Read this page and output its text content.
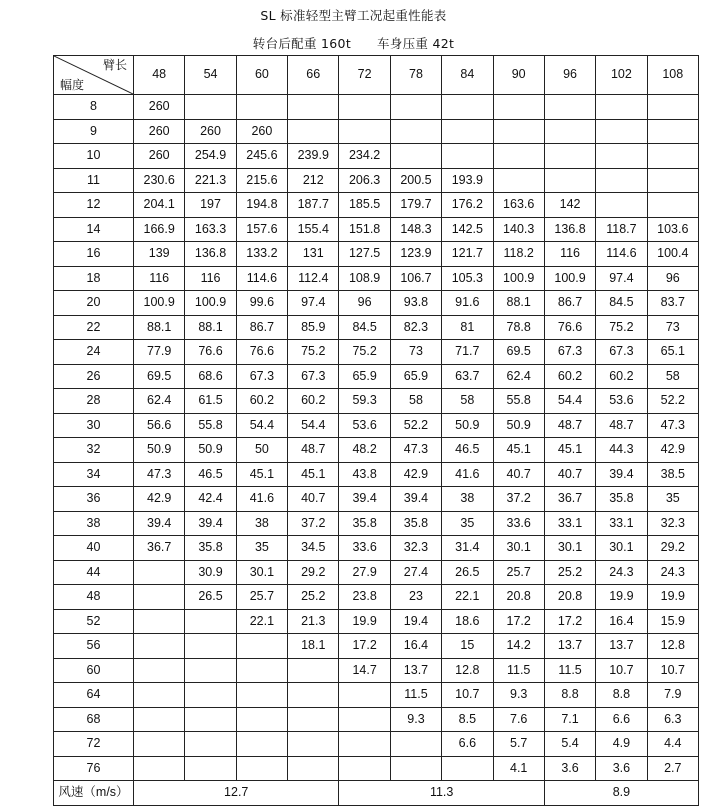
SL 标准轻型主臂工况起重性能表
转台后配重 160t 车身压重 42t
臂长
幅度	48	54	60	66	72	78	84	90	96	102	108
8	260										
9	260	260	260								
10	260	254.9	245.6	239.9	234.2						
11	230.6	221.3	215.6	212	206.3	200.5	193.9				
12	204.1	197	194.8	187.7	185.5	179.7	176.2	163.6	142		
14	166.9	163.3	157.6	155.4	151.8	148.3	142.5	140.3	136.8	118.7	103.6
16	139	136.8	133.2	131	127.5	123.9	121.7	118.2	116	114.6	100.4
18	116	116	114.6	112.4	108.9	106.7	105.3	100.9	100.9	97.4	96
20	100.9	100.9	99.6	97.4	96	93.8	91.6	88.1	86.7	84.5	83.7
22	88.1	88.1	86.7	85.9	84.5	82.3	81	78.8	76.6	75.2	73
24	77.9	76.6	76.6	75.2	75.2	73	71.7	69.5	67.3	67.3	65.1
26	69.5	68.6	67.3	67.3	65.9	65.9	63.7	62.4	60.2	60.2	58
28	62.4	61.5	60.2	60.2	59.3	58	58	55.8	54.4	53.6	52.2
30	56.6	55.8	54.4	54.4	53.6	52.2	50.9	50.9	48.7	48.7	47.3
32	50.9	50.9	50	48.7	48.2	47.3	46.5	45.1	45.1	44.3	42.9
34	47.3	46.5	45.1	45.1	43.8	42.9	41.6	40.7	40.7	39.4	38.5
36	42.9	42.4	41.6	40.7	39.4	39.4	38	37.2	36.7	35.8	35
38	39.4	39.4	38	37.2	35.8	35.8	35	33.6	33.1	33.1	32.3
40	36.7	35.8	35	34.5	33.6	32.3	31.4	30.1	30.1	30.1	29.2
44		30.9	30.1	29.2	27.9	27.4	26.5	25.7	25.2	24.3	24.3
48		26.5	25.7	25.2	23.8	23	22.1	20.8	20.8	19.9	19.9
52			22.1	21.3	19.9	19.4	18.6	17.2	17.2	16.4	15.9
56				18.1	17.2	16.4	15	14.2	13.7	13.7	12.8
60					14.7	13.7	12.8	11.5	11.5	10.7	10.7
64						11.5	10.7	9.3	8.8	8.8	7.9
68						9.3	8.5	7.6	7.1	6.6	6.3
72							6.6	5.7	5.4	4.9	4.4
76								4.1	3.6	3.6	2.7
风速（m/s）	12.7				11.3				8.9		
